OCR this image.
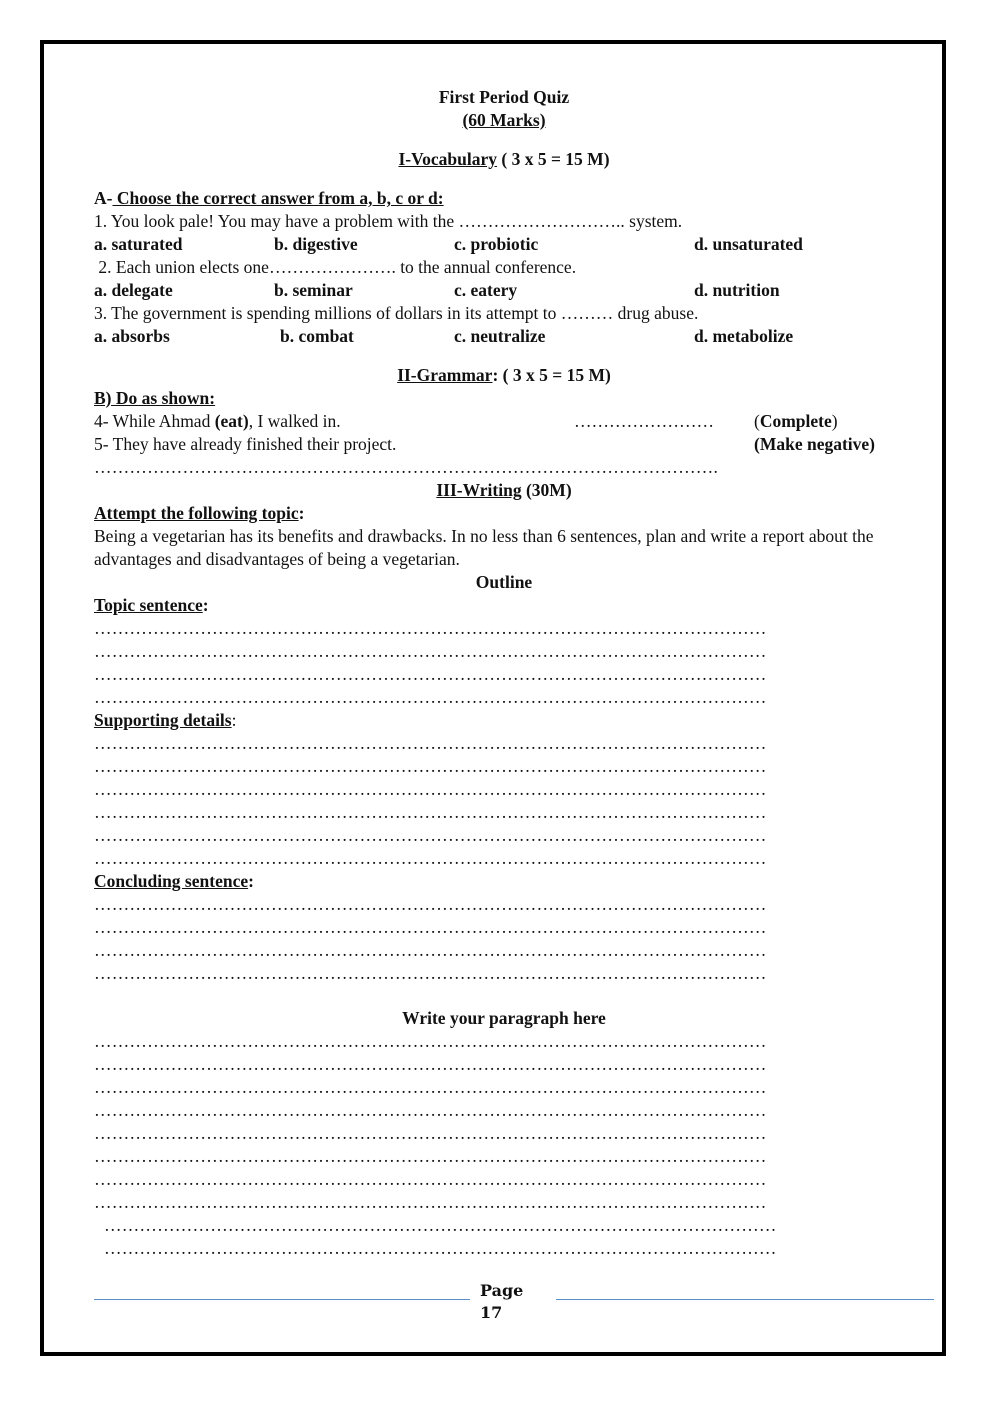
First Period Quiz
(60 Marks)
I-Vocabulary ( 3 x 5 = 15 M)
A- Choose the correct answer from a, b, c or d:
1. You look pale! You may have a problem with the ……………………….. system.
a. saturated	b. digestive	c. probiotic	d. unsaturated
2. Each union elects one…………………. to the annual conference.
a. delegate	b. seminar	c. eatery	d. nutrition
3. The government is spending millions of dollars in its attempt to ……… drug abuse.
a. absorbs	b. combat	c. neutralize	d. metabolize
II-Grammar: ( 3 x 5 = 15 M)
B) Do as shown:
4- While Ahmad (eat), I walked in.	……………………	(Complete)
5- They have already finished their project.	(Make negative)
…………………………………………………………………………………………….
III-Writing (30M)
Attempt the following topic:
Being a vegetarian has its benefits and drawbacks. In no less than 6 sentences, plan and write a report about the advantages and disadvantages of being a vegetarian.
Outline
Topic sentence:
……………………………………………………………………………………………………
……………………………………………………………………………………………………
……………………………………………………………………………………………………
……………………………………………………………………………………………………
Supporting details:
……………………………………………………………………………………………………
……………………………………………………………………………………………………
……………………………………………………………………………………………………
……………………………………………………………………………………………………
……………………………………………………………………………………………………
……………………………………………………………………………………………………
Concluding sentence:
……………………………………………………………………………………………………
……………………………………………………………………………………………………
……………………………………………………………………………………………………
……………………………………………………………………………………………………
Write your paragraph here
……………………………………………………………………………………………………
……………………………………………………………………………………………………
……………………………………………………………………………………………………
……………………………………………………………………………………………………
……………………………………………………………………………………………………
……………………………………………………………………………………………………
……………………………………………………………………………………………………
……………………………………………………………………………………………………
……………………………………………………………………………………………………
……………………………………………………………………………………………………
Page
17
